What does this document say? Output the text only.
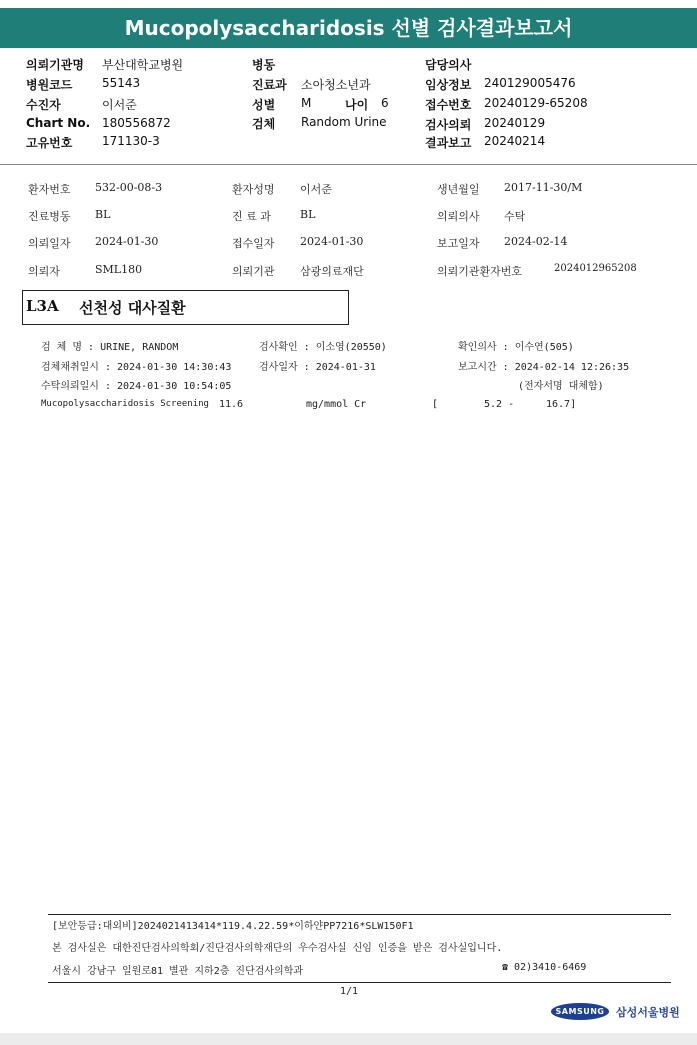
Mucopolysaccharidosis 선별 검사결과보고서
의뢰기관명 부산대학교병원
병원코드 55143
수진자	이서준
Chart No. 180556872
고유번호 171130-3
병동
진료과 소아청소년과
성별 M	나이 6
검체 Random Urine
담당의사
임상정보 240129005476
접수번호 20240129-65208
검사의뢰 20240129
결과보고 20240214
환자번호 532-00-08-3	환자성명 이서준	생년월일 2017-11-30/M
진료병동 BL	진 료 과	BL	의뢰의사 수탁
의뢰일자 2024-01-30	접수일자 2024-01-30	보고일자 2024-02-14
의뢰자	SML180	의뢰기관 삼광의료재단	의뢰기관환자번호	2024012965208
L3A 선천성 대사질환
검 체 명 : URINE, RANDOM	검사확인 : 이소영(20550)	확인의사 : 이수연(505)
검체채취일시 : 2024-01-30 14:30:43	검사일자 : 2024-01-31	보고시간 : 2024-02-14 12:26:35
수탁의뢰일시 : 2024-01-30 10:54:05	(전자서명 대체함)
Mucopolysaccharidosis Screening 11.6	mg/mmol Cr	[	5.2 -	16.7]
[보안등급:대외비]2024021413414*119.4.22.59*이하얀PP7216*SLW150F1
본 검사실은 대한진단검사의학회/진단검사의학재단의 우수검사실 신임 인증을 받은 검사실입니다.
서울시 강남구 일원로81 별관 지하2층 진단검사의학과	☎ 02)3410-6469
1/1
SAMSUNG	삼성서울병원
